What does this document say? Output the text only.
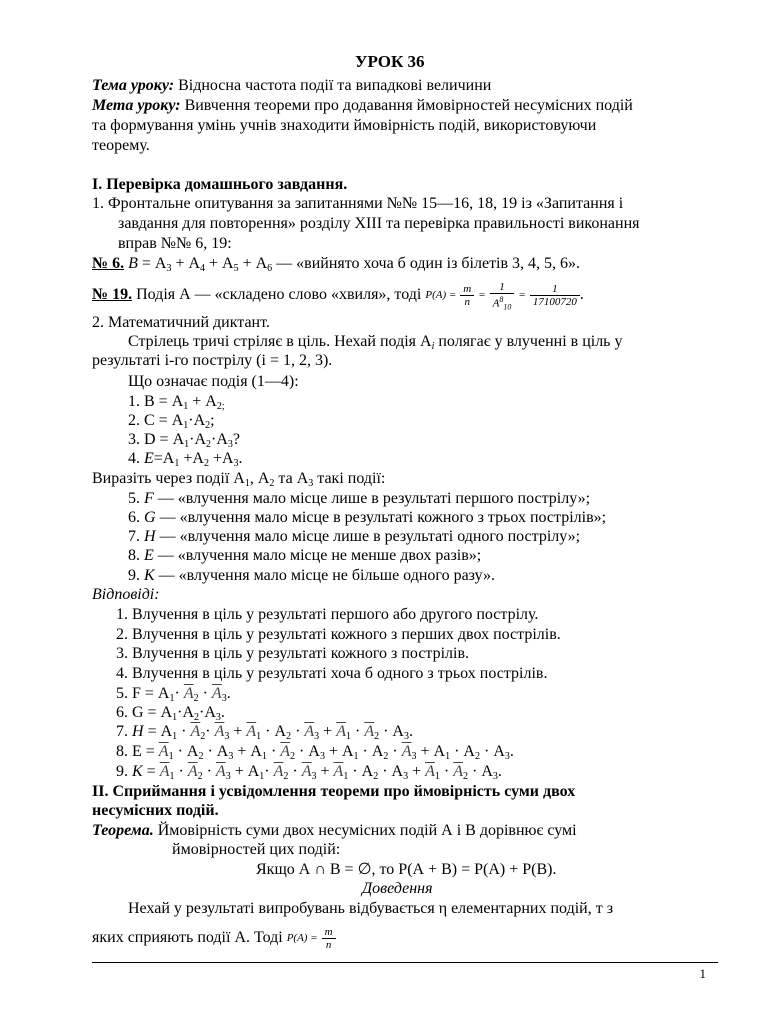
УРОК 36
Тема уроку: Відносна частота події та випадкові величини
Мета уроку: Вивчення теореми про додавання ймовірностей несумісних подій
та формування умінь учнів знаходити ймовірність подій, використовуючи
теорему.
І. Перевірка домашнього завдання.
1. Фронтальне опитування за запитаннями №№ 15—16, 18, 19 із «Запитання і
завдання для повторення» розділу XIII та перевірка правильності виконання
вправ №№ 6, 19:
№ 6. $В = А_3 + А_4 + А_5 + А_6$ — «вийнято хоча б один із білетів 3, 4, 5, 6».
№ 19. Подія А — «складено слово «хвиля», тоді $P(A) = \frac{m}{n} = \frac{1}{A^8_{10}} = \frac{1}{17100720}$ .
2. Математичний диктант.
Стрілець тричі стріляє в ціль. Нехай подія $А_і$ полягає у влученні в ціль у
результаті і-го пострілу (і = 1, 2, 3).
Що означає подія (1—4):
1. $В = А_1 + А_{2;}$
2. $С = А_1\cdot А_2$;
3. $D = А_1\cdot А_2\cdot А_3$?
4. $Е=А_1 +А_2 +А_3$.
Виразіть через події $А_1$, $А_2$ та $А_3$ такі події:
5. F — «влучення мало місце лише в результаті першого пострілу»;
6. G — «влучення мало місце в результаті кожного з трьох пострілів»;
7. H — «влучення мало місце лише в результаті одного пострілу»;
8. E — «влучення мало місце не менше двох разів»;
9. K — «влучення мало місце не більше одного разу».
Відповіді:
1. Влучення в ціль у результаті першого або другого пострілу.
2. Влучення в ціль у результаті кожного з перших двох пострілів.
3. Влучення в ціль у результаті кожного з пострілів.
4. Влучення в ціль у результаті хоча б одного з трьох пострілів.
5. $F = А_1\cdot \overline{A}_2 \cdot \overline{A}_3$.
6. $G = А_1\cdot А_2\cdot А_3$.
7. $Н = А_1 \cdot \overline{A}_2\cdot \overline{A}_3 + \overline{A}_1 \cdot А_2 \cdot \overline{A}_3 + \overline{A}_1 \cdot \overline{A}_2 \cdot А_3$.
8. $E = \overline{A}_1 \cdot А_2 \cdot А_3 + А_1 \cdot \overline{A}_2 \cdot А_3 + А_1 \cdot А_2 \cdot \overline{A}_3 + А_1 \cdot А_2 \cdot А_3$.
9. $K = \overline{A}_1 \cdot \overline{A}_2 \cdot \overline{A}_3 + А_1\cdot \overline{A}_2 \cdot \overline{A}_3 + \overline{A}_1 \cdot А_2 \cdot А_3 + \overline{A}_1 \cdot \overline{A}_2 \cdot А_3$.
ІІ. Сприймання і усвідомлення теореми про ймовірність суми двох
несумісних подій.
Теорема. Ймовірність суми двох несумісних подій А і В дорівнює сумі
ймовірностей цих подій:
Якщо А ∩ В = ∅, то Р(А + В) = Р(А) + Р(В).
Доведення
Нехай у результаті випробувань відбувається η елементарних подій, т з
яких сприяють події А. Тоді $P(A) = \frac{m}{n}$
1
